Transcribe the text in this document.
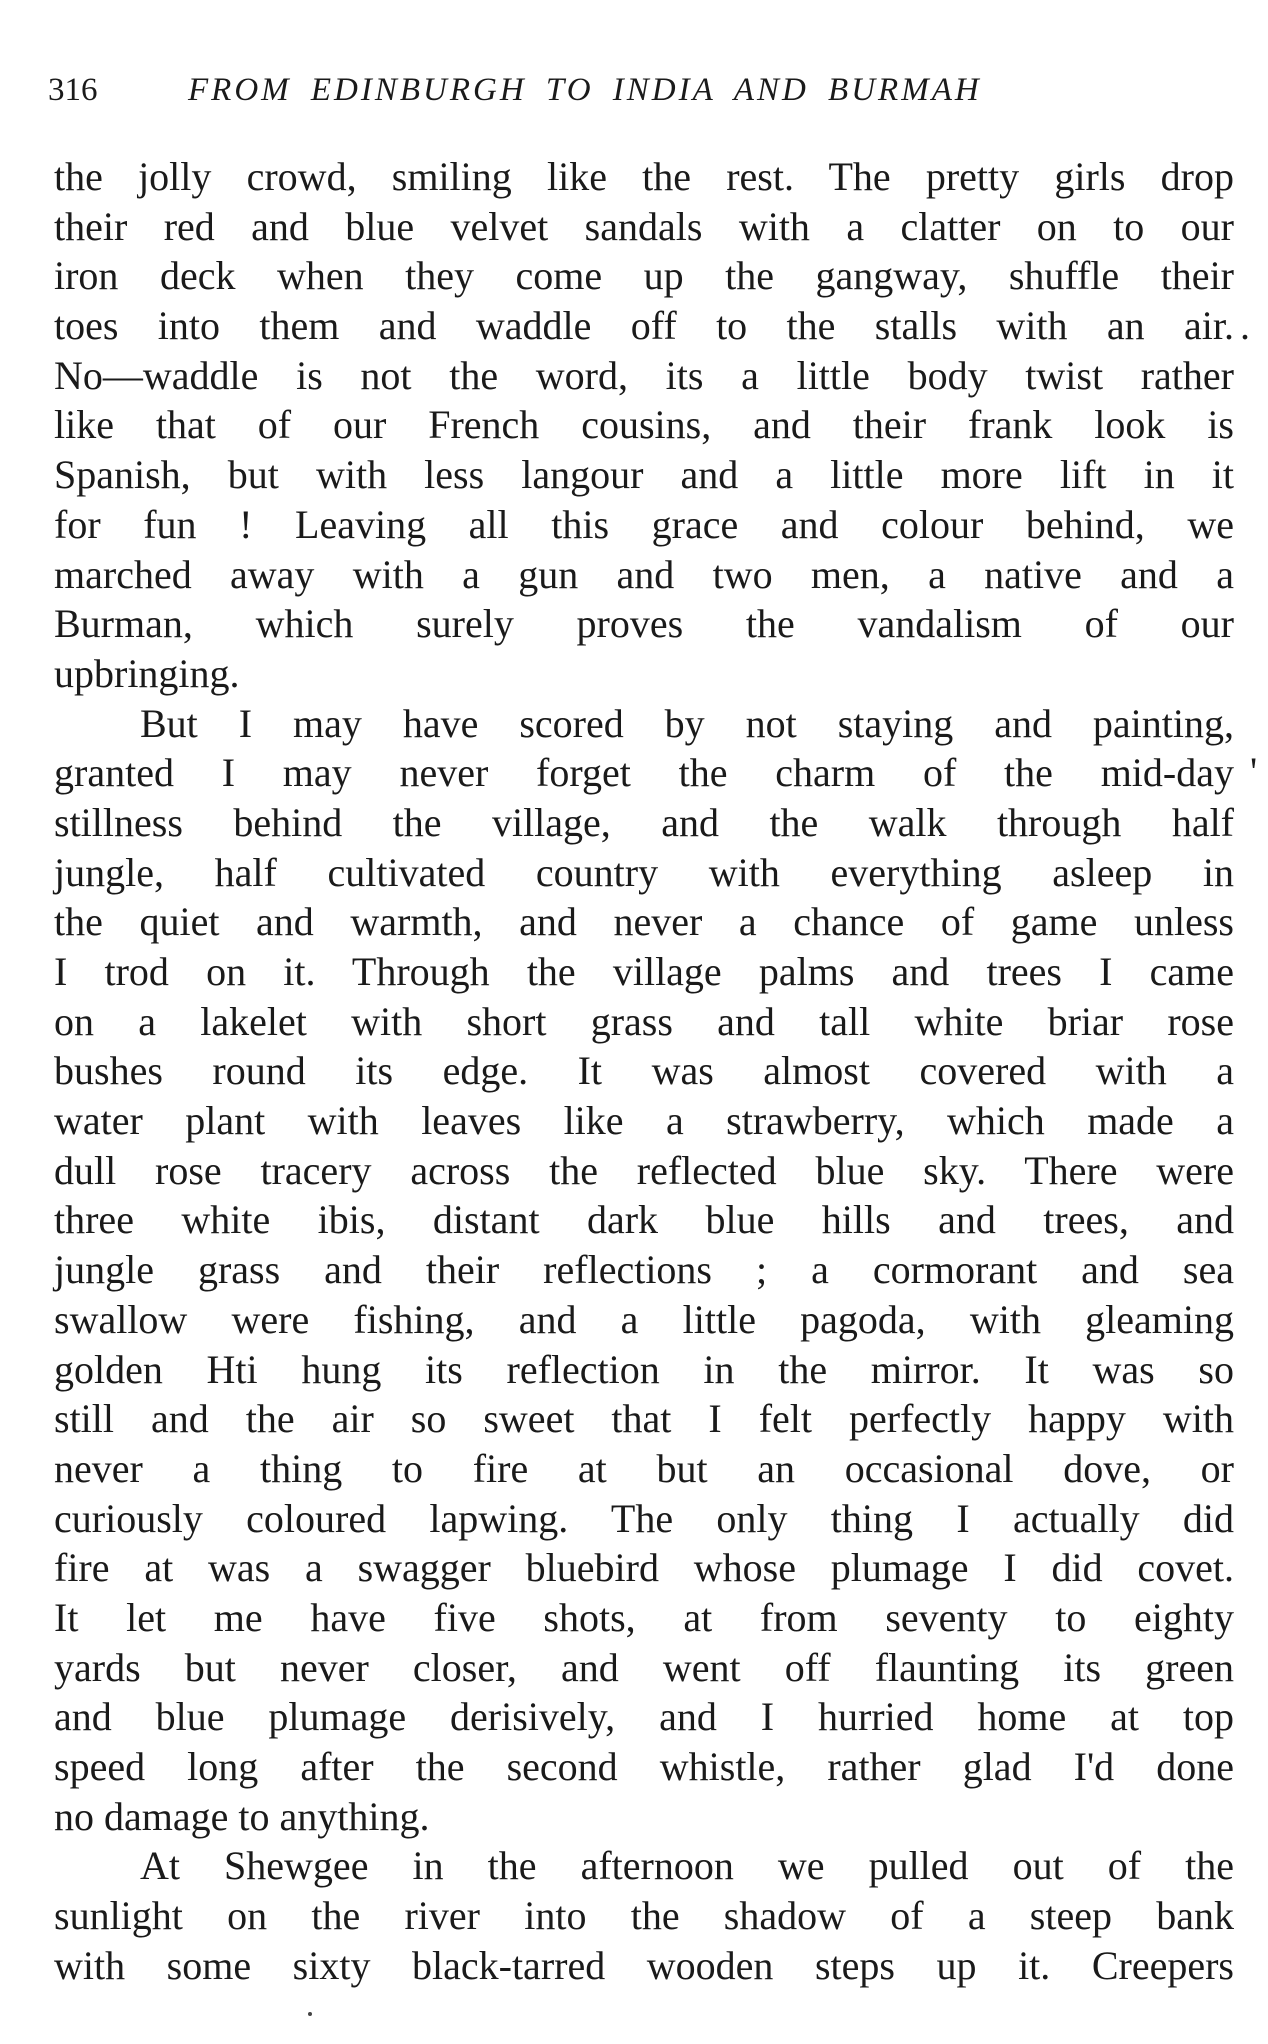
316	FROM EDINBURGH TO INDIA AND BURMAH
the jolly crowd, smiling like the rest. The pretty girls drop
their red and blue velvet sandals with a clatter on to our
iron deck when they come up the gangway, shuffle their
toes into them and waddle off to the stalls with an air.
No—waddle is not the word, its a little body twist rather
like that of our French cousins, and their frank look is
Spanish, but with less langour and a little more lift in it
for fun ! Leaving all this grace and colour behind, we
marched away with a gun and two men, a native and a
Burman, which surely proves the vandalism of our
upbringing.
But I may have scored by not staying and painting,
granted I may never forget the charm of the mid-day
stillness behind the village, and the walk through half
jungle, half cultivated country with everything asleep in
the quiet and warmth, and never a chance of game unless
I trod on it. Through the village palms and trees I came
on a lakelet with short grass and tall white briar rose
bushes round its edge. It was almost covered with a
water plant with leaves like a strawberry, which made a
dull rose tracery across the reflected blue sky. There were
three white ibis, distant dark blue hills and trees, and
jungle grass and their reflections ; a cormorant and sea
swallow were fishing, and a little pagoda, with gleaming
golden Hti hung its reflection in the mirror. It was so
still and the air so sweet that I felt perfectly happy with
never a thing to fire at but an occasional dove, or
curiously coloured lapwing. The only thing I actually did
fire at was a swagger bluebird whose plumage I did covet.
It let me have five shots, at from seventy to eighty
yards but never closer, and went off flaunting its green
and blue plumage derisively, and I hurried home at top
speed long after the second whistle, rather glad I'd done
no damage to anything.
At Shewgee in the afternoon we pulled out of the
sunlight on the river into the shadow of a steep bank
with some sixty black-tarred wooden steps up it. Creepers
.
'
